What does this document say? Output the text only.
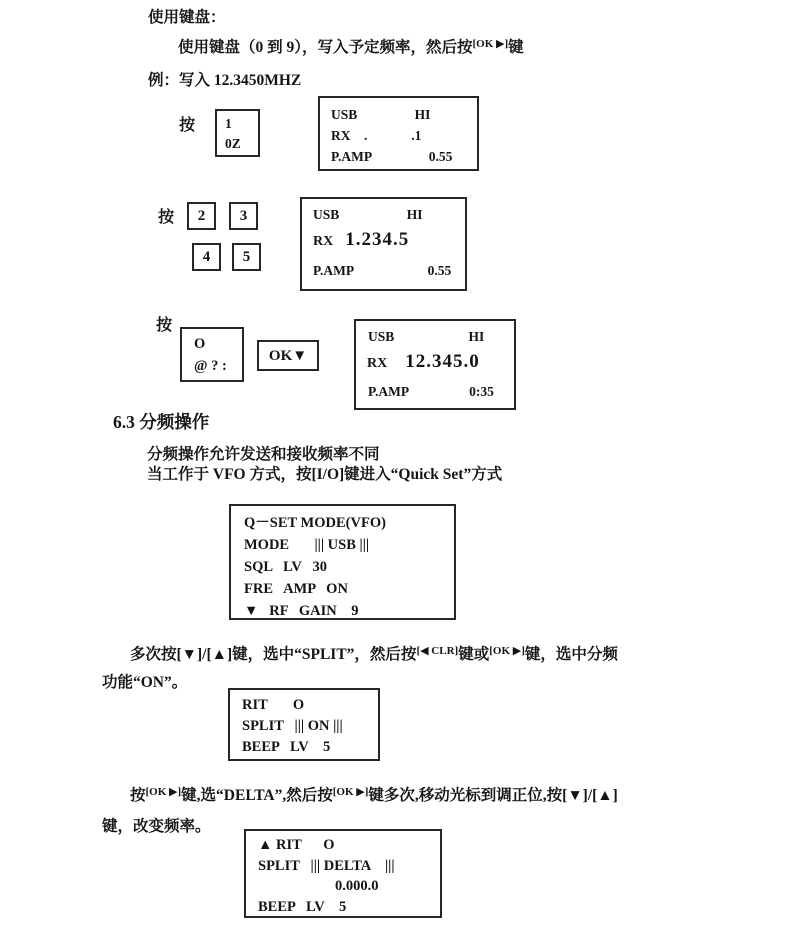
使用键盘：
使用键盘（0 到 9），写入予定频率，然后按[OK ▶]键
例：写入 12.3450MHZ
按 1
0Z
USB                 HI
RX    .             .1
P.AMP                 0.55
按	2	3
4	5
USB                    HI
RX 1.234.5
P.AMP                      0.55
按
O
@ ? :
OK▼
USB                      HI
RX 12.345.0
P.AMP                  0:35
6.3 分频操作
分频操作允许发送和接收频率不同
当工作于 VFO 方式，按[I/O]键进入“Quick Set”方式
Q－SET MODE(VFO)
MODE       ||| USB |||
SQL   LV   30
FRE   AMP   ON
▼   RF   GAIN    9
多次按[▼]/[▲]键，选中“SPLIT”，然后按[◀ CLR]键或[OK ▶]键，选中分频
功能“ON”。
RIT       O
SPLIT   ||| ON |||
BEEP   LV    5
按[OK ▶]键,选“DELTA”,然后按[OK ▶]键多次,移动光标到调正位,按[▼]/[▲]
键，改变频率。
▲ RIT      O
SPLIT   ||| DELTA    |||
0.000.0
BEEP   LV    5
